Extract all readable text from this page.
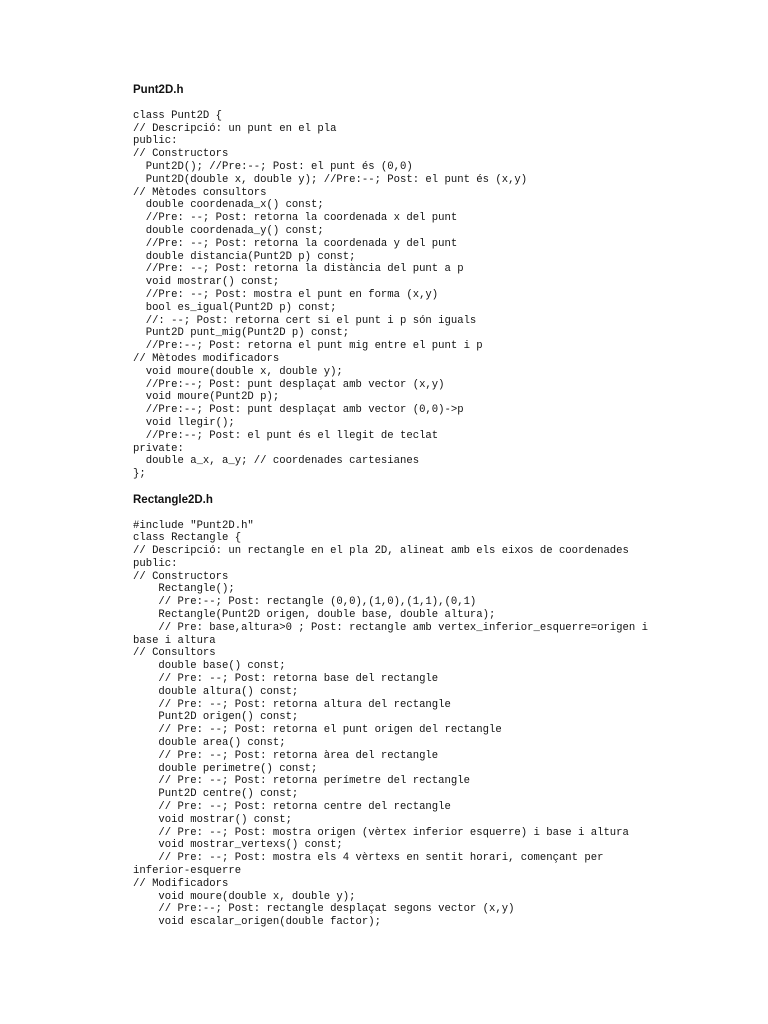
Punt2D.h
class Punt2D {
// Descripció: un punt en el pla
public:
// Constructors
Punt2D(); //Pre:--; Post: el punt és (0,0)
Punt2D(double x, double y); //Pre:--; Post: el punt és (x,y)
// Mètodes consultors
double coordenada_x() const;
//Pre: --; Post: retorna la coordenada x del punt
double coordenada_y() const;
//Pre: --; Post: retorna la coordenada y del punt
double distancia(Punt2D p) const;
//Pre: --; Post: retorna la distància del punt a p
void mostrar() const;
//Pre: --; Post: mostra el punt en forma (x,y)
bool es_igual(Punt2D p) const;
//: --; Post: retorna cert si el punt i p són iguals
Punt2D punt_mig(Punt2D p) const;
//Pre:--; Post: retorna el punt mig entre el punt i p
// Mètodes modificadors
void moure(double x, double y);
//Pre:--; Post: punt desplaçat amb vector (x,y)
void moure(Punt2D p);
//Pre:--; Post: punt desplaçat amb vector (0,0)->p
void llegir();
//Pre:--; Post: el punt és el llegit de teclat
private:
double a_x, a_y; // coordenades cartesianes
};
Rectangle2D.h
#include "Punt2D.h"
class Rectangle {
// Descripció: un rectangle en el pla 2D, alineat amb els eixos de coordenades
public:
// Constructors
Rectangle();
// Pre:--; Post: rectangle (0,0),(1,0),(1,1),(0,1)
Rectangle(Punt2D origen, double base, double altura);
// Pre: base,altura>0 ; Post: rectangle amb vertex_inferior_esquerre=origen i
base i altura
// Consultors
double base() const;
// Pre: --; Post: retorna base del rectangle
double altura() const;
// Pre: --; Post: retorna altura del rectangle
Punt2D origen() const;
// Pre: --; Post: retorna el punt origen del rectangle
double area() const;
// Pre: --; Post: retorna àrea del rectangle
double perimetre() const;
// Pre: --; Post: retorna perímetre del rectangle
Punt2D centre() const;
// Pre: --; Post: retorna centre del rectangle
void mostrar() const;
// Pre: --; Post: mostra origen (vèrtex inferior esquerre) i base i altura
void mostrar_vertexs() const;
// Pre: --; Post: mostra els 4 vèrtexs en sentit horari, començant per
inferior-esquerre
// Modificadors
void moure(double x, double y);
// Pre:--; Post: rectangle desplaçat segons vector (x,y)
void escalar_origen(double factor);
